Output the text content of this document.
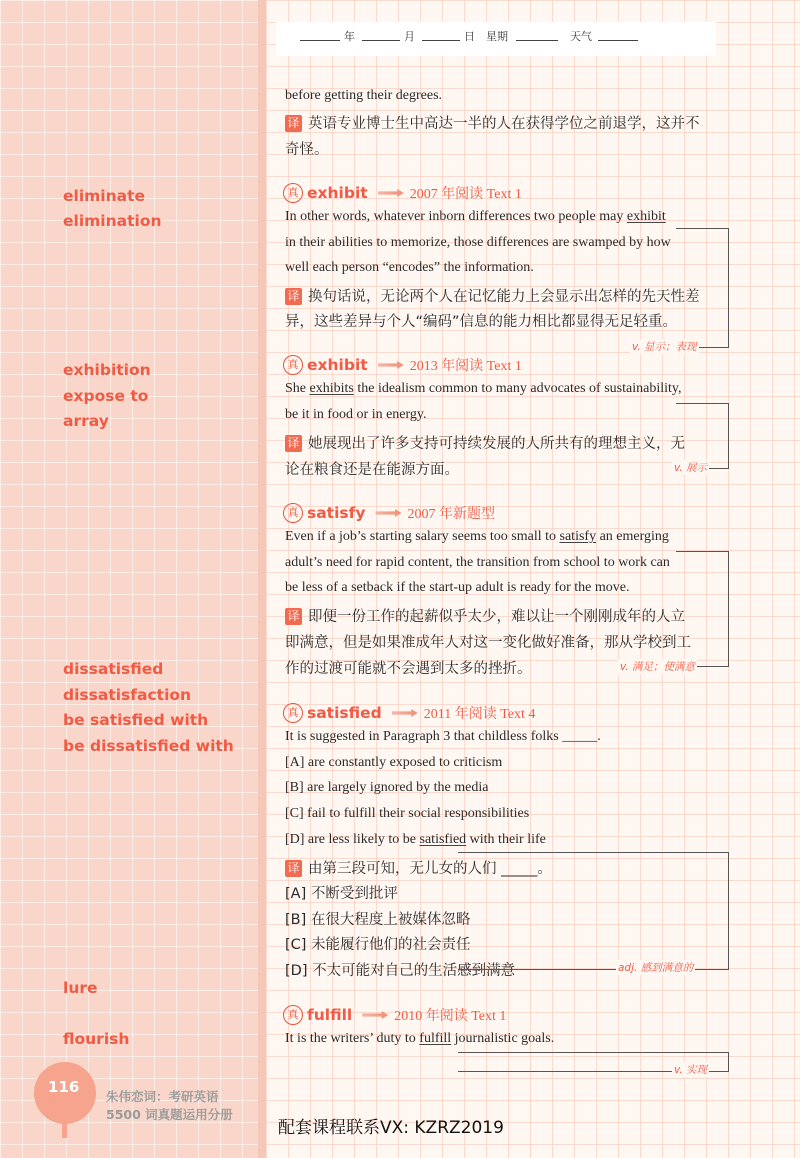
年	月	日 星期	天气
eliminate
elimination
exhibition
expose to
array
dissatisfied
dissatisfaction
be satisfied with
be dissatisfied with
lure
flourish
before getting their degrees.
译 英语专业博士生中高达一半的人在获得学位之前退学，这并不
奇怪。
真 exhibit	2007 年阅读 Text 1
In other words, whatever inborn differences two people may exhibit
in their abilities to memorize, those differences are swamped by how
well each person “encodes” the information.
译 换句话说，无论两个人在记忆能力上会显示出怎样的先天性差
异，这些差异与个人“编码”信息的能力相比都显得无足轻重。
v. 显示；表现
真 exhibit	2013 年阅读 Text 1
She exhibits the idealism common to many advocates of sustainability,
be it in food or in energy.
译 她展现出了许多支持可持续发展的人所共有的理想主义，无
论在粮食还是在能源方面。	v. 展示
真 satisfy	2007 年新题型
Even if a job’s starting salary seems too small to satisfy an emerging
adult’s need for rapid content, the transition from school to work can
be less of a setback if the start-up adult is ready for the move.
译 即便一份工作的起薪似乎太少，难以让一个刚刚成年的人立
即满意，但是如果准成年人对这一变化做好准备，那从学校到工
作的过渡可能就不会遇到太多的挫折。	v. 满足；使满意
真 satisfied	2011 年阅读 Text 4
It is suggested in Paragraph 3 that childless folks _____.
[A] are constantly exposed to criticism
[B] are largely ignored by the media
[C] fail to fulfill their social responsibilities
[D] are less likely to be satisfied with their life
译 由第三段可知，无儿女的人们 _____。
[A] 不断受到批评
[B] 在很大程度上被媒体忽略
[C] 未能履行他们的社会责任
[D] 不太可能对自己的生活感到满意	adj. 感到满意的
真 fulfill	2010 年阅读 Text 1
It is the writers’ duty to fulfill journalistic goals.
v. 实现
116
朱伟恋词：考研英语
5500 词真题运用分册
配套课程联系VX: KZRZ2019
